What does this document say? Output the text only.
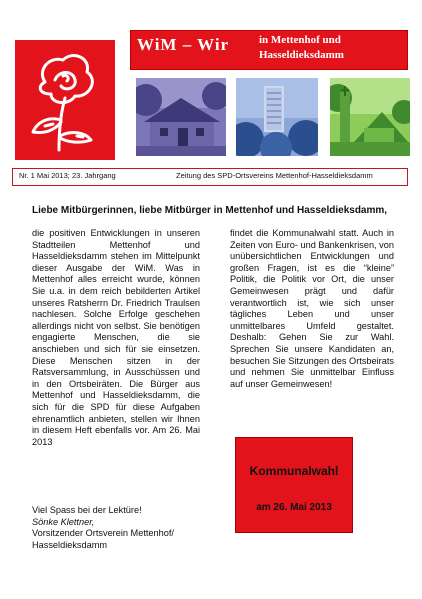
WiM – Wir	in Mettenhof und
Hasseldieksdamm
Nr. 1 Mai 2013; 23. Jahrgang	Zeitung des SPD-Ortsvereins Mettenhof-Hasseldieksdamm
Liebe Mitbürgerinnen, liebe Mitbürger in Mettenhof und Hasseldieksdamm,
die positiven Entwicklungen in unseren Stadtteilen Mettenhof und Hasseldieksdamm stehen im Mittelpunkt dieser Ausgabe der WiM. Was in Mettenhof alles erreicht wurde, können Sie u.a. in dem reich bebilderten Artikel unseres Ratsherrn Dr. Friedrich Traulsen nachlesen. Solche Erfolge geschehen allerdings nicht von selbst. Sie benötigen engagierte Menschen, die sie anschieben und sich für sie einsetzen. Diese Menschen sitzen in der Ratsversammlung, in Ausschüssen und in den Ortsbeiräten. Die Bürger aus Mettenhof und Hasseldieksdamm, die sich für die SPD für diese Aufgaben ehrenamtlich anbieten, stellen wir Ihnen in diesem Heft ebenfalls vor. Am 26. Mai 2013
findet die Kommunalwahl statt. Auch in Zeiten von Euro- und Bankenkrisen, von unübersichtlichen Entwicklungen und großen Fragen, ist es die “kleine” Politik, die Politik vor Ort, die unser Gemeinwesen prägt und dafür verantwortlich ist, wie sich unser tägliches Leben und unser unmittelbares Umfeld gestaltet. Deshalb: Gehen Sie zur Wahl. Sprechen Sie unsere Kandidaten an, besuchen Sie Sitzungen des Ortsbeirats und nehmen Sie unmittelbar Einfluss auf unser Gemeinwesen!
Viel Spass bei der Lektüre!
Sönke Klettner,
Vorsitzender Ortsverein Mettenhof/
Hasseldieksdamm
Kommunalwahl
am 26. Mai 2013
